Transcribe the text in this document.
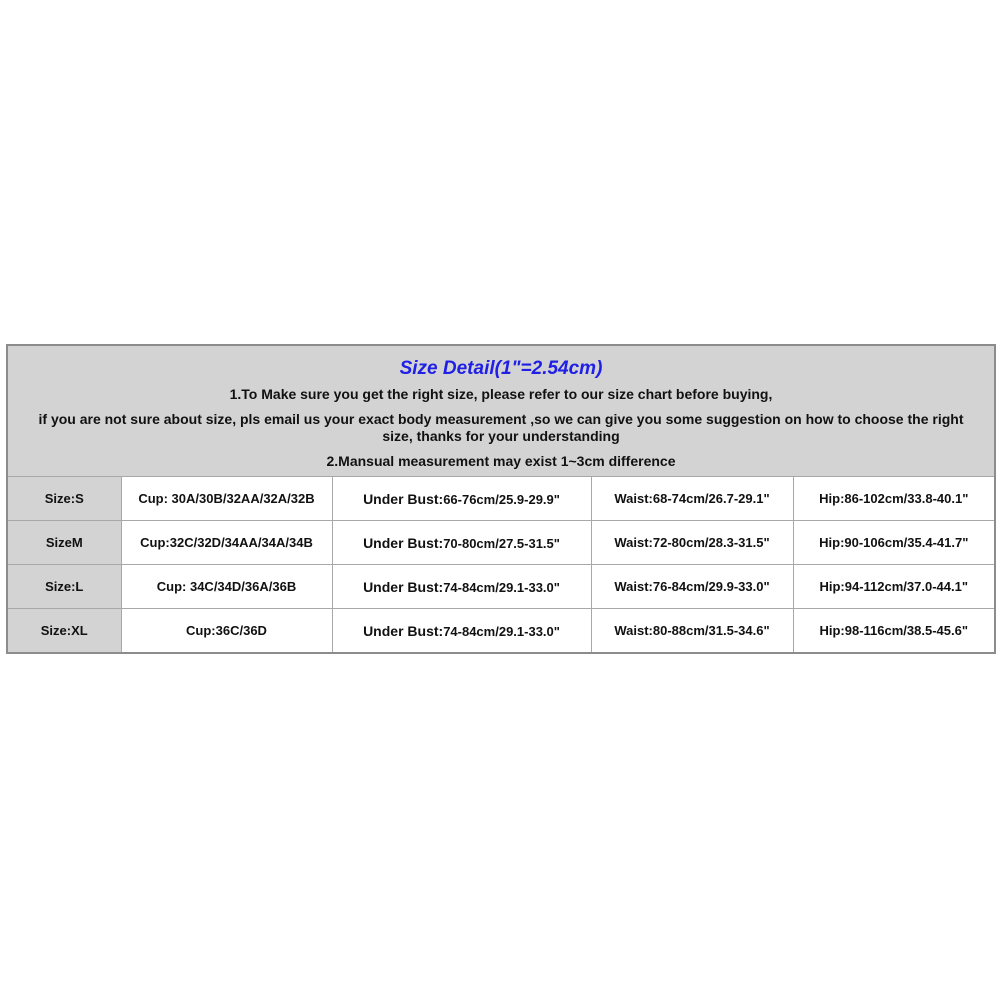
Size Detail(1"=2.54cm)
1.To Make sure you get the right size, please refer to our size chart before buying,
if you are not sure about size, pls email us your exact body measurement ,so we can give you some suggestion on how to choose the right size, thanks for your understanding
2.Mansual measurement may exist 1~3cm difference
Size:S	Cup: 30A/30B/32AA/32A/32B	Under Bust:66-76cm/25.9-29.9"	Waist:68-74cm/26.7-29.1"	Hip:86-102cm/33.8-40.1"
SizeM	Cup:32C/32D/34AA/34A/34B	Under Bust:70-80cm/27.5-31.5"	Waist:72-80cm/28.3-31.5"	Hip:90-106cm/35.4-41.7"
Size:L	Cup: 34C/34D/36A/36B	Under Bust:74-84cm/29.1-33.0"	Waist:76-84cm/29.9-33.0"	Hip:94-112cm/37.0-44.1"
Size:XL	Cup:36C/36D	Under Bust:74-84cm/29.1-33.0"	Waist:80-88cm/31.5-34.6"	Hip:98-116cm/38.5-45.6"
